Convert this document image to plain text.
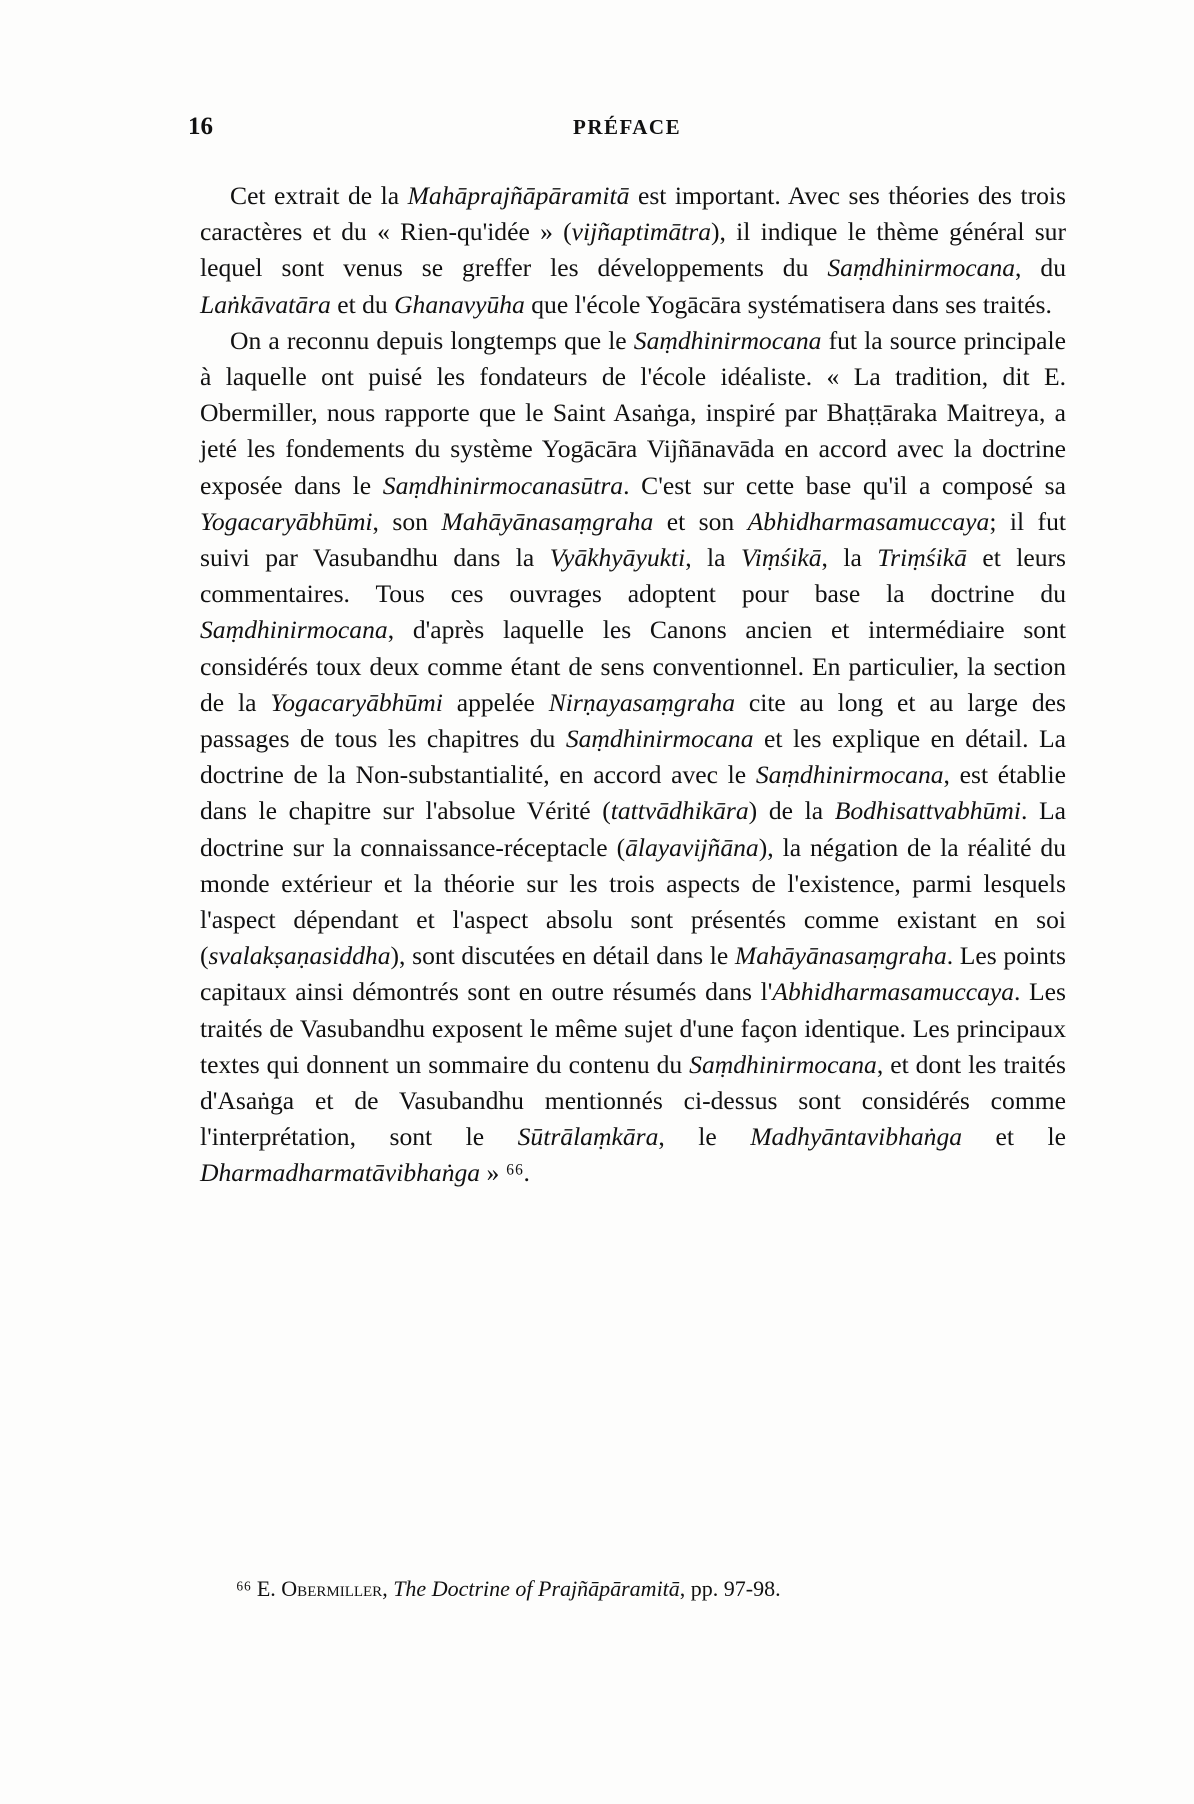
16	PRÉFACE

Cet extrait de la Mahāprajñāpāramitā est important. Avec ses théories des trois caractères et du « Rien-qu'idée » (vijñaptimātra), il indique le thème général sur lequel sont venus se greffer les développements du Saṃdhinirmocana, du Laṅkāvatāra et du Ghanavyūha que l'école Yogācāra systématisera dans ses traités.

On a reconnu depuis longtemps que le Saṃdhinirmocana fut la source principale à laquelle ont puisé les fondateurs de l'école idéaliste. « La tradition, dit E. Obermiller, nous rapporte que le Saint Asaṅga, inspiré par Bhaṭṭāraka Maitreya, a jeté les fondements du système Yogācāra Vijñānavāda en accord avec la doctrine exposée dans le Saṃdhinirmocanasūtra. C'est sur cette base qu'il a composé sa Yogacaryābhūmi, son Mahāyānasaṃgraha et son Abhidharmasamuccaya; il fut suivi par Vasubandhu dans la Vyākhyāyukti, la Viṃśikā, la Triṃśikā et leurs commentaires. Tous ces ouvrages adoptent pour base la doctrine du Saṃdhinirmocana, d'après laquelle les Canons ancien et intermédiaire sont considérés toux deux comme étant de sens conventionnel. En particulier, la section de la Yogacaryābhūmi appelée Nirṇayasaṃgraha cite au long et au large des passages de tous les chapitres du Saṃdhinirmocana et les explique en détail. La doctrine de la Non-substantialité, en accord avec le Saṃdhinirmocana, est établie dans le chapitre sur l'absolue Vérité (tattvādhikāra) de la Bodhisattvabhūmi. La doctrine sur la connaissance-réceptacle (ālayavijñāna), la négation de la réalité du monde extérieur et la théorie sur les trois aspects de l'existence, parmi lesquels l'aspect dépendant et l'aspect absolu sont présentés comme existant en soi (svalakṣaṇasiddha), sont discutées en détail dans le Mahāyānasaṃgraha. Les points capitaux ainsi démontrés sont en outre résumés dans l'Abhidharmasamuccaya. Les traités de Vasubandhu exposent le même sujet d'une façon identique. Les principaux textes qui donnent un sommaire du contenu du Saṃdhinirmocana, et dont les traités d'Asaṅga et de Vasubandhu mentionnés ci-dessus sont considérés comme l'interprétation, sont le Sūtrālaṃkāra, le Madhyāntavibhaṅga et le Dharmadharmatāvibhaṅga » ⁶⁶.

⁶⁶ E. Obermiller, The Doctrine of Prajñāpāramitā, pp. 97-98.
